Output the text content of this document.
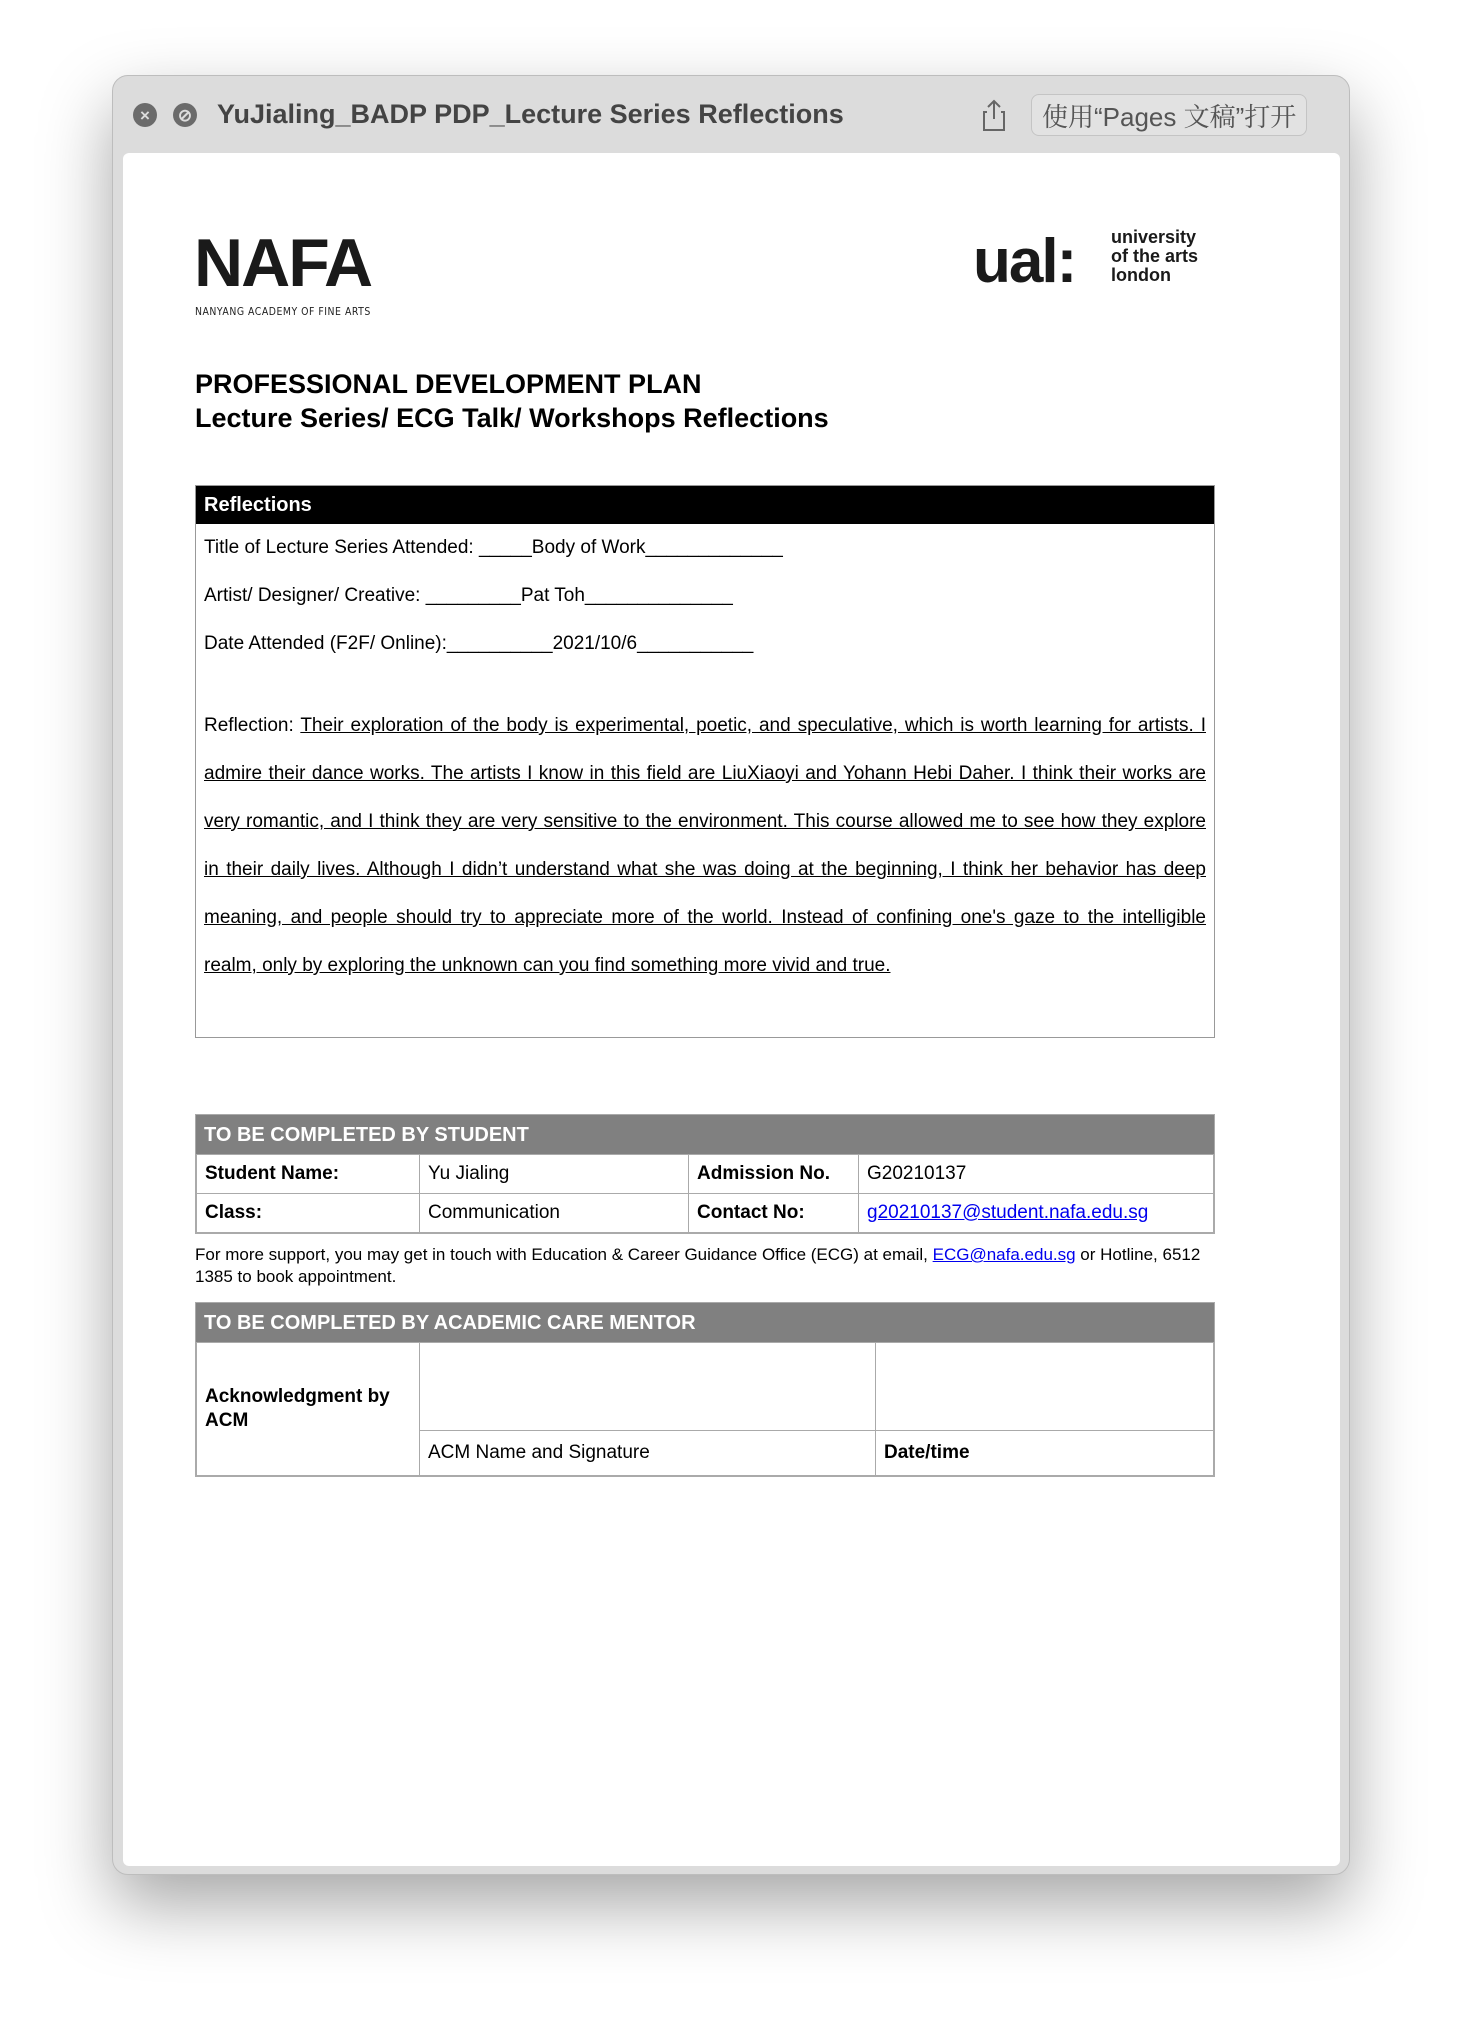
×	⊘ YuJialing_BADP PDP_Lecture Series Reflections	使用“Pages 文稿”打开
NAFA
NANYANG ACADEMY OF FINE ARTS
ual: university
of the arts
london
PROFESSIONAL DEVELOPMENT PLAN
Lecture Series/ ECG Talk/ Workshops Reflections
Reflections
Title of Lecture Series Attended: _____Body of Work_____________
Artist/ Designer/ Creative: _________Pat Toh______________
Date Attended (F2F/ Online):__________2021/10/6___________
Reflection: Their exploration of the body is experimental, poetic, and speculative, which is worth learning for artists. I admire their dance works. The artists I know in this field are LiuXiaoyi and Yohann Hebi Daher. I think their works are very romantic, and I think they are very sensitive to the environment. This course allowed me to see how they explore in their daily lives. Although I didn’t understand what she was doing at the beginning, I think her behavior has deep meaning, and people should try to appreciate more of the world. Instead of confining one's gaze to the intelligible realm, only by exploring the unknown can you find something more vivid and true.
TO BE COMPLETED BY STUDENT
Student Name:	Yu Jialing	Admission No.	G20210137
Class:	Communication	Contact No:	g20210137@student.nafa.edu.sg
For more support, you may get in touch with Education & Career Guidance Office (ECG) at email, ECG@nafa.edu.sg or Hotline, 6512 1385 to book appointment.
TO BE COMPLETED BY ACADEMIC CARE MENTOR
Acknowledgment by ACM		
	ACM Name and Signature	Date/time
